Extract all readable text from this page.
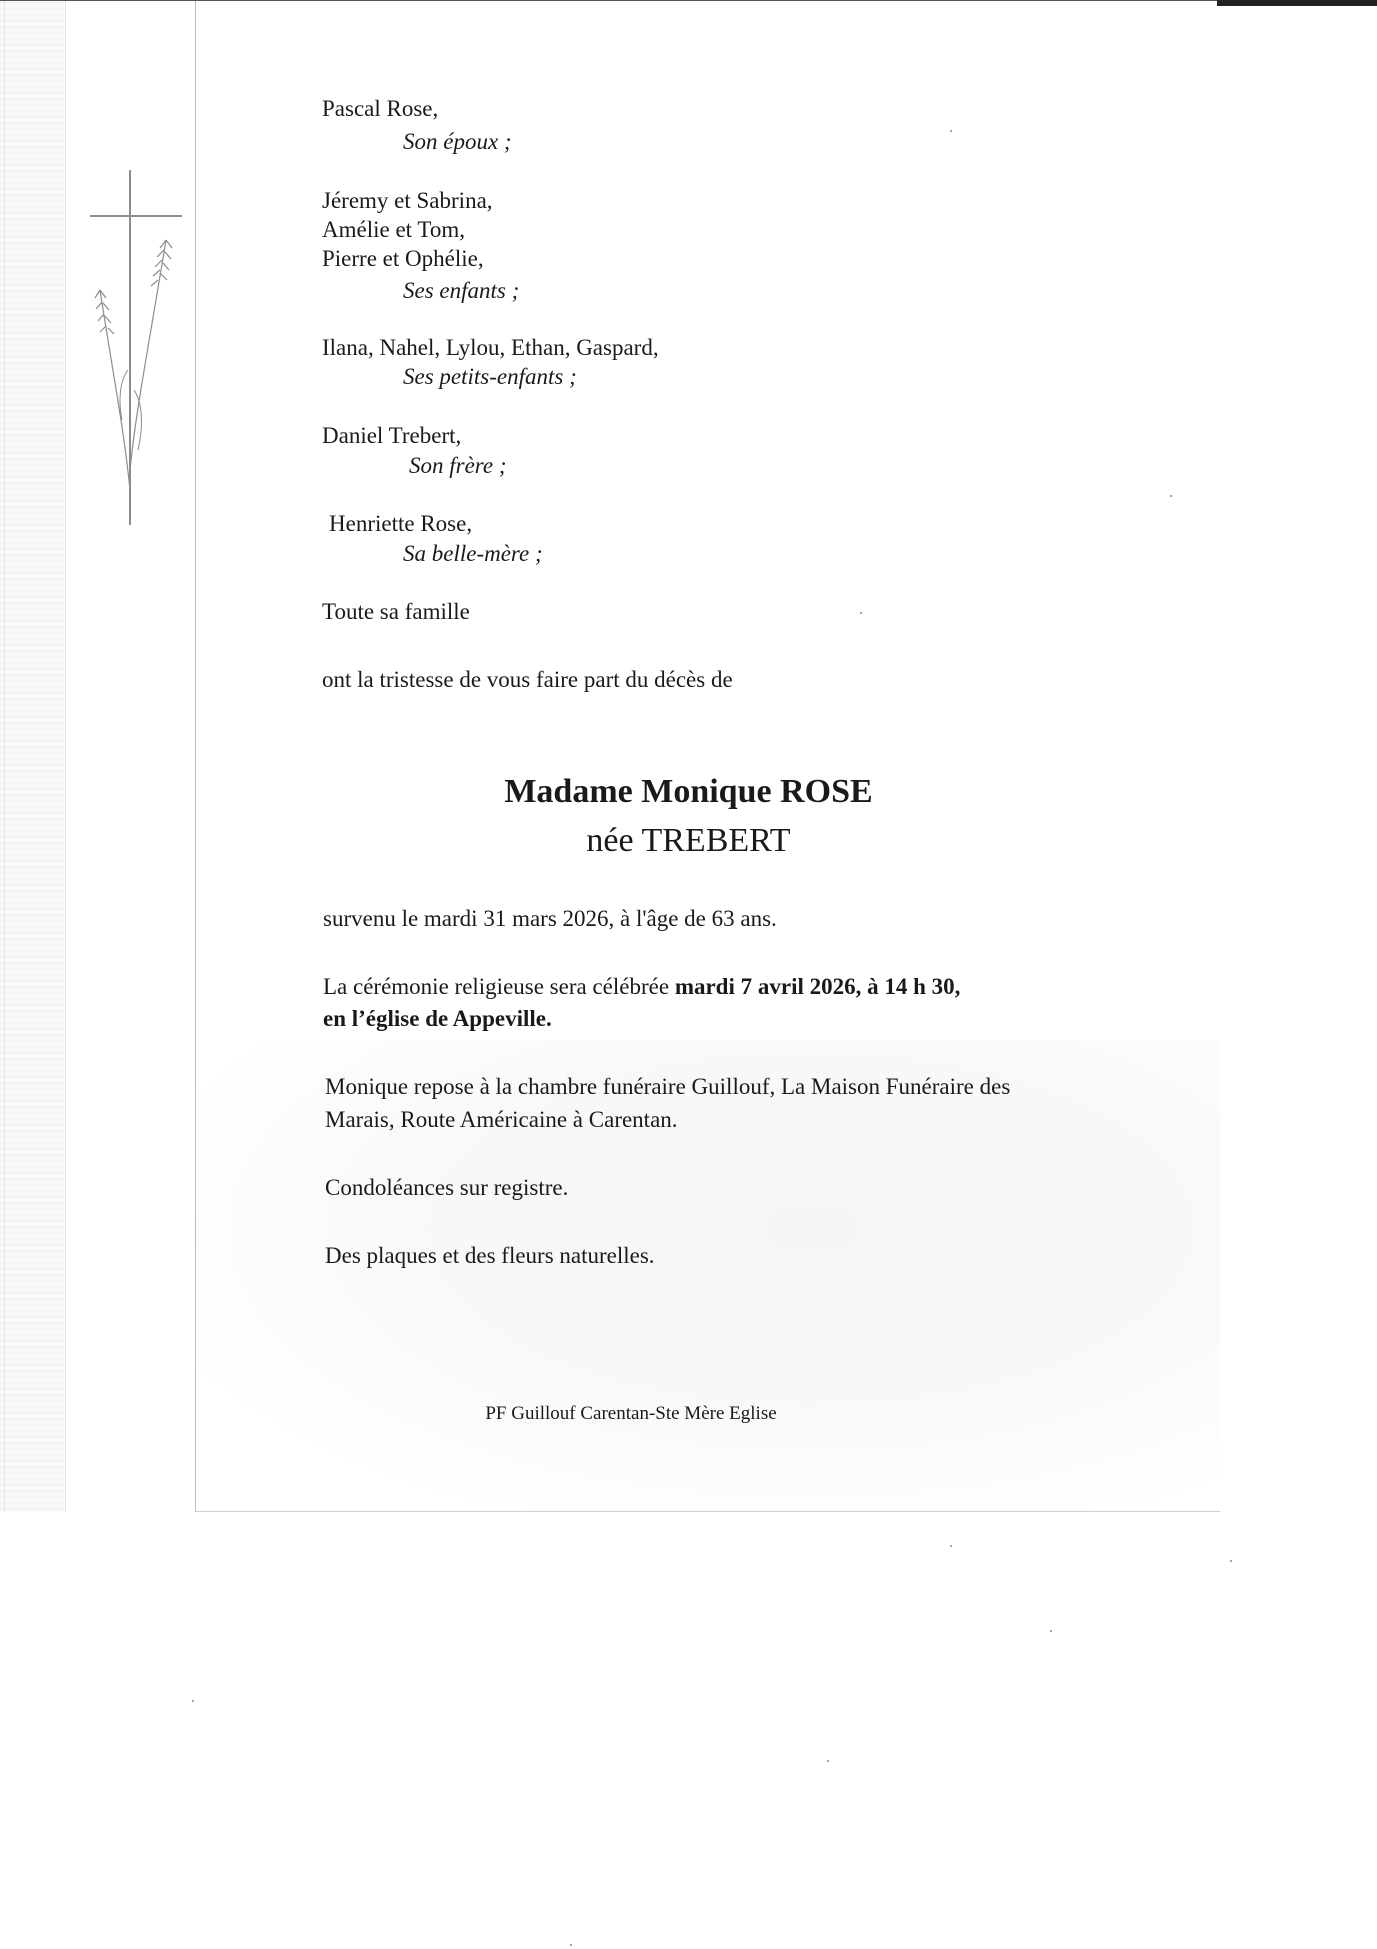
Pascal Rose,
Son époux ;
Jéremy et Sabrina,
Amélie et Tom,
Pierre et Ophélie,
Ses enfants ;
Ilana, Nahel, Lylou, Ethan, Gaspard,
Ses petits-enfants ;
Daniel Trebert,
Son frère ;
Henriette Rose,
Sa belle-mère ;
Toute sa famille
ont la tristesse de vous faire part du décès de
Madame Monique ROSE
née TREBERT
survenu le mardi 31 mars 2026, à l'âge de 63 ans.
La cérémonie religieuse sera célébrée mardi 7 avril 2026, à 14 h 30,
en l’église de Appeville.
Monique repose à la chambre funéraire Guillouf, La Maison Funéraire des
Marais, Route Américaine à Carentan.
Condoléances sur registre.
Des plaques et des fleurs naturelles.
PF Guillouf Carentan-Ste Mère Eglise
